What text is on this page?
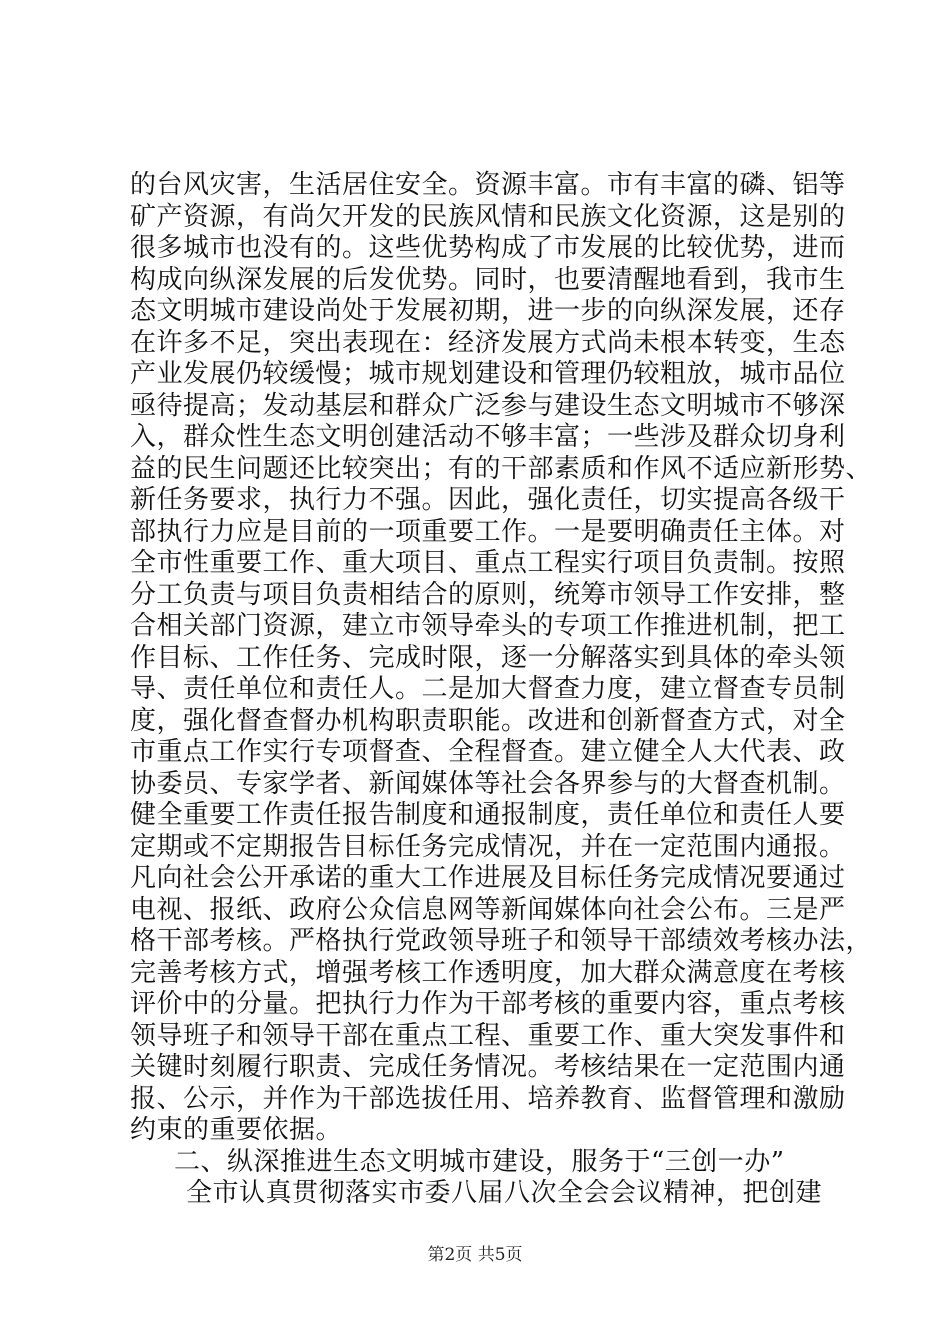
的台风灾害，生活居住安全。资源丰富。市有丰富的磷、铝等
矿产资源，有尚欠开发的民族风情和民族文化资源，这是别的
很多城市也没有的。这些优势构成了市发展的比较优势，进而
构成向纵深发展的后发优势。同时，也要清醒地看到，我市生
态文明城市建设尚处于发展初期，进一步的向纵深发展，还存
在许多不足，突出表现在：经济发展方式尚未根本转变，生态
产业发展仍较缓慢；城市规划建设和管理仍较粗放，城市品位
亟待提高；发动基层和群众广泛参与建设生态文明城市不够深
入，群众性生态文明创建活动不够丰富；一些涉及群众切身利
益的民生问题还比较突出；有的干部素质和作风不适应新形势、
新任务要求，执行力不强。因此，强化责任，切实提高各级干
部执行力应是目前的一项重要工作。一是要明确责任主体。对
全市性重要工作、重大项目、重点工程实行项目负责制。按照
分工负责与项目负责相结合的原则，统筹市领导工作安排，整
合相关部门资源，建立市领导牵头的专项工作推进机制，把工
作目标、工作任务、完成时限，逐一分解落实到具体的牵头领
导、责任单位和责任人。二是加大督查力度，建立督查专员制
度，强化督查督办机构职责职能。改进和创新督查方式，对全
市重点工作实行专项督查、全程督查。建立健全人大代表、政
协委员、专家学者、新闻媒体等社会各界参与的大督查机制。
健全重要工作责任报告制度和通报制度，责任单位和责任人要
定期或不定期报告目标任务完成情况，并在一定范围内通报。
凡向社会公开承诺的重大工作进展及目标任务完成情况要通过
电视、报纸、政府公众信息网等新闻媒体向社会公布。三是严
格干部考核。严格执行党政领导班子和领导干部绩效考核办法，
完善考核方式，增强考核工作透明度，加大群众满意度在考核
评价中的分量。把执行力作为干部考核的重要内容，重点考核
领导班子和领导干部在重点工程、重要工作、重大突发事件和
关键时刻履行职责、完成任务情况。考核结果在一定范围内通
报、公示，并作为干部选拔任用、培养教育、监督管理和激励
约束的重要依据。
二、纵深推进生态文明城市建设，服务于“三创一办”
全市认真贯彻落实市委八届八次全会会议精神，把创建
第2页 共5页
